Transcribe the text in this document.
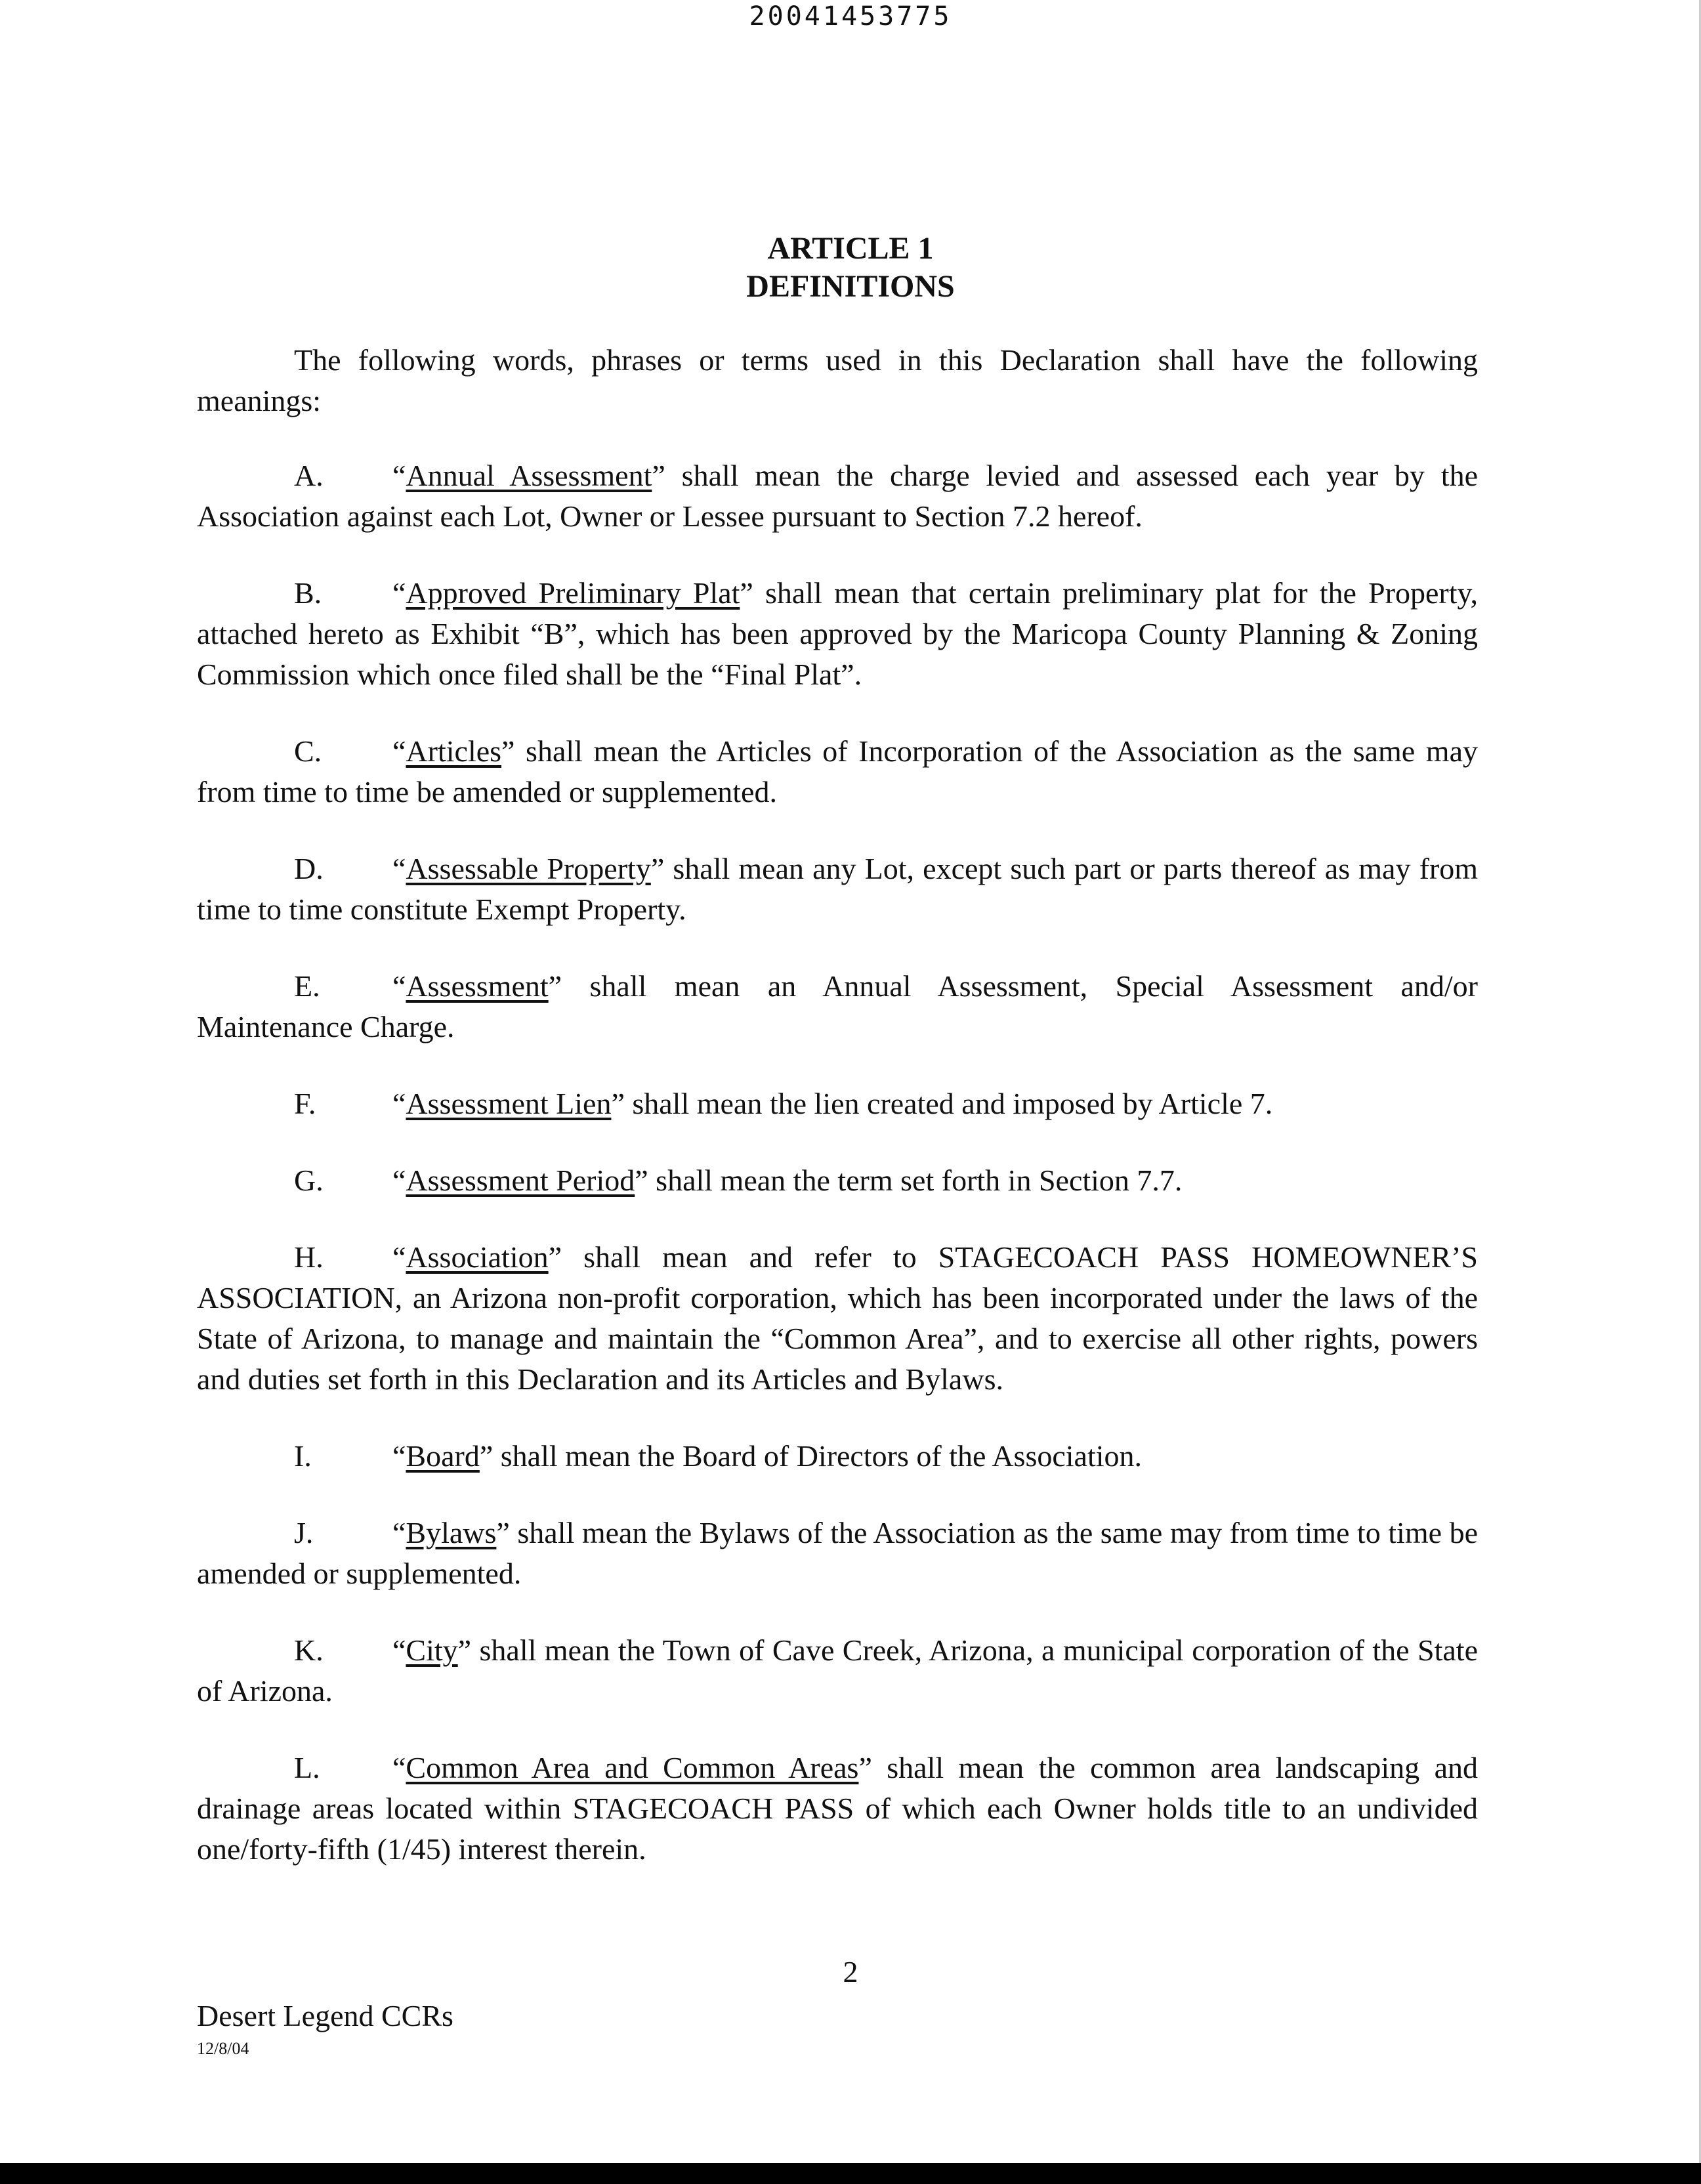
20041453775
ARTICLE 1
DEFINITIONS

The following words, phrases or terms used in this Declaration shall have the following meanings:

A. “Annual Assessment” shall mean the charge levied and assessed each year by the Association against each Lot, Owner or Lessee pursuant to Section 7.2 hereof.

B. “Approved Preliminary Plat” shall mean that certain preliminary plat for the Property, attached hereto as Exhibit “B”, which has been approved by the Maricopa County Planning & Zoning Commission which once filed shall be the “Final Plat”.

C. “Articles” shall mean the Articles of Incorporation of the Association as the same may from time to time be amended or supplemented.

D. “Assessable Property” shall mean any Lot, except such part or parts thereof as may from time to time constitute Exempt Property.

E. “Assessment” shall mean an Annual Assessment, Special Assessment and/or Maintenance Charge.

F.	“Assessment Lien” shall mean the lien created and imposed by Article 7.

G. “Assessment Period” shall mean the term set forth in Section 7.7.

H. “Association” shall mean and refer to STAGECOACH PASS HOMEOWNER’S ASSOCIATION, an Arizona non-profit corporation, which has been incorporated under the laws of the State of Arizona, to manage and maintain the “Common Area”, and to exercise all other rights, powers and duties set forth in this Declaration and its Articles and Bylaws.

I.	“Board” shall mean the Board of Directors of the Association.

J.	“Bylaws” shall mean the Bylaws of the Association as the same may from time to time be amended or supplemented.

K. “City” shall mean the Town of Cave Creek, Arizona, a municipal corporation of the State of Arizona.

L. “Common Area and Common Areas” shall mean the common area landscaping and drainage areas located within STAGECOACH PASS of which each Owner holds title to an undivided one/forty-fifth (1/45) interest therein.

2
Desert Legend CCRs
12/8/04
